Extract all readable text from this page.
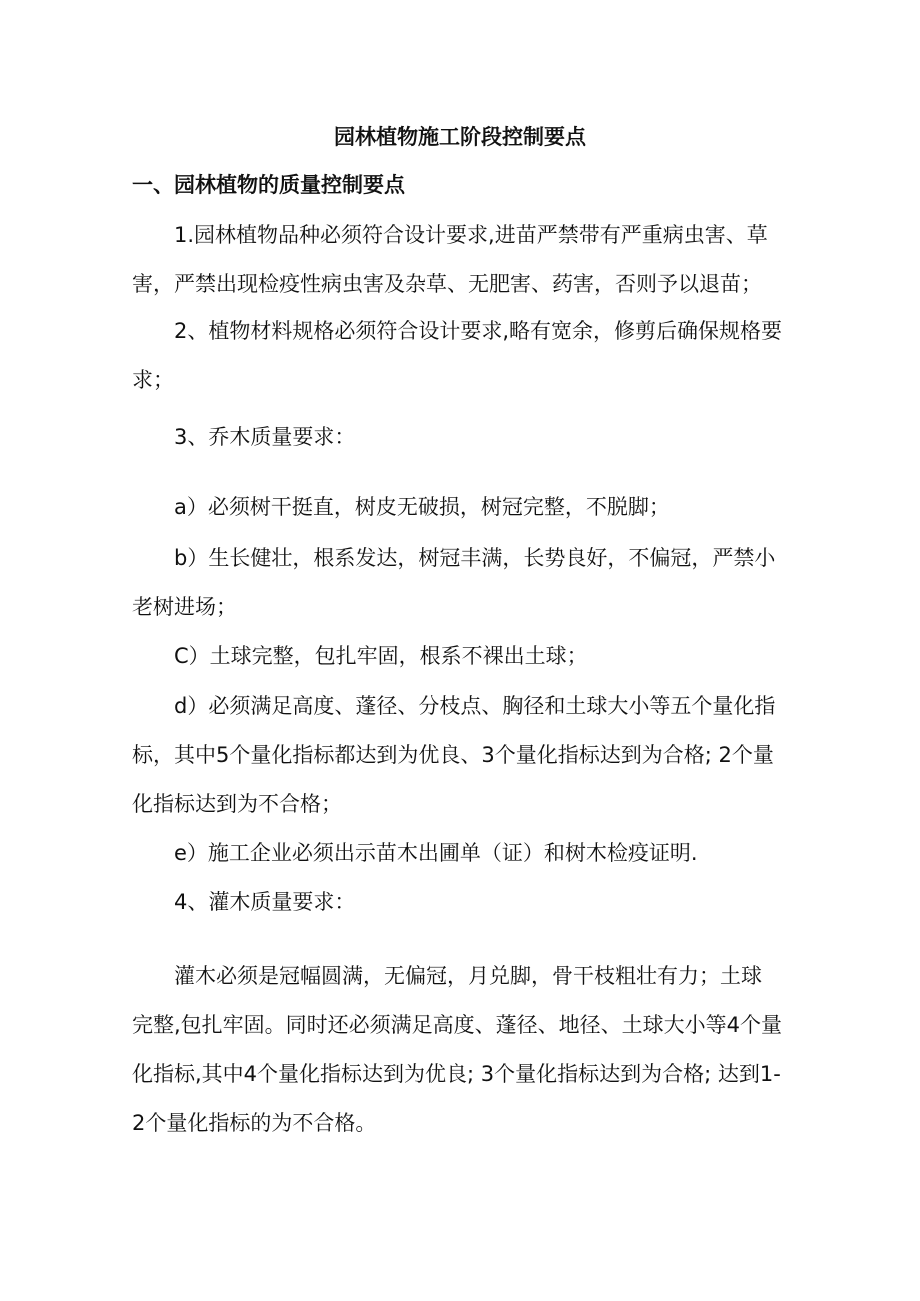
园林植物施工阶段控制要点
一、园林植物的质量控制要点

1.园林植物品种必须符合设计要求,进苗严禁带有严重病虫害、草
害，严禁出现检疫性病虫害及杂草、无肥害、药害，否则予以退苗；

2、植物材料规格必须符合设计要求,略有宽余，修剪后确保规格要
求；

3、乔木质量要求：

a）必须树干挺直，树皮无破损，树冠完整，不脱脚；

b）生长健壮，根系发达，树冠丰满，长势良好，不偏冠，严禁小
老树进场；

C）土球完整，包扎牢固，根系不裸出土球；

d）必须满足高度、蓬径、分枝点、胸径和土球大小等五个量化指
标，其中5个量化指标都达到为优良、3个量化指标达到为合格; 2个量
化指标达到为不合格；

e）施工企业必须出示苗木出圃单（证）和树木检疫证明.

4、灌木质量要求：

灌木必须是冠幅圆满，无偏冠，月兑脚，骨干枝粗壮有力；土球
完整,包扎牢固。同时还必须满足高度、蓬径、地径、土球大小等4个量
化指标,其中4个量化指标达到为优良; 3个量化指标达到为合格; 达到1-
2个量化指标的为不合格。
